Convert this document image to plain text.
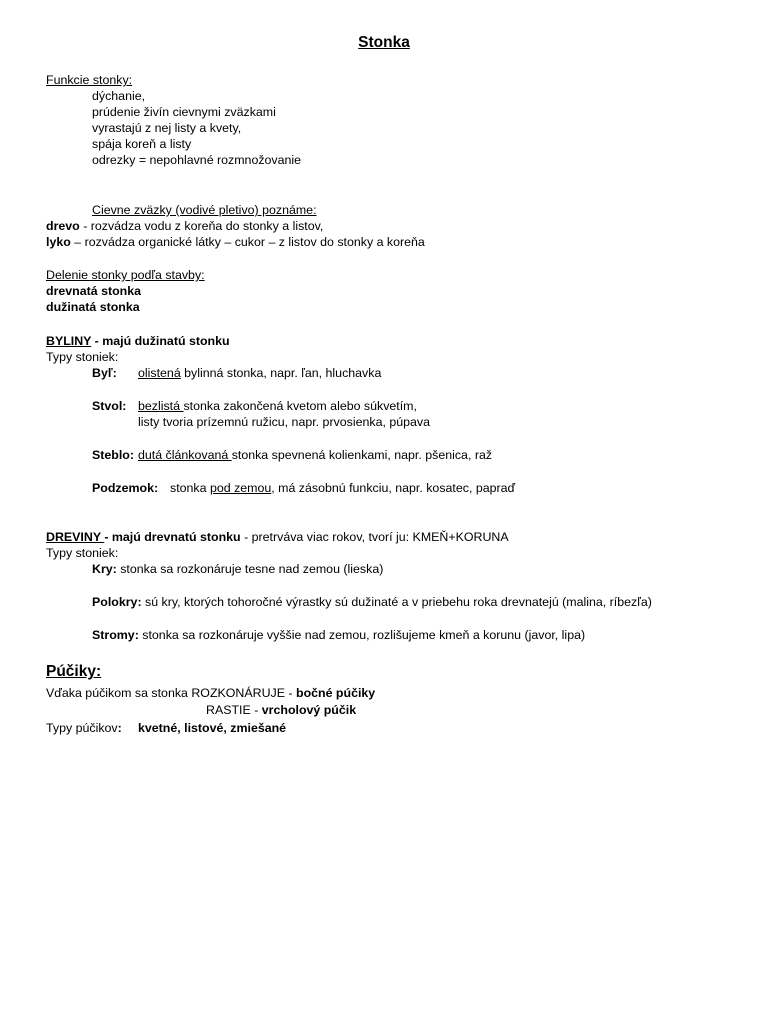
Stonka
Funkcie stonky:
dýchanie,
prúdenie živín cievnymi zväzkami
vyrastajú z nej listy a kvety,
spája koreň a listy
odrezky = nepohlavné rozmnožovanie
Cievne zväzky (vodivé pletivo) poznáme:
drevo - rozvádza vodu z koreňa do stonky a listov,
lyko – rozvádza organické látky – cukor – z listov do stonky a koreňa
Delenie stonky podľa stavby:
drevnatá stonka
dužinatá stonka
BYLINY - majú dužinatú stonku
Typy stoniek:
Byľ: olistená bylinná stonka, napr. ľan, hluchavka
Stvol: bezlistá stonka zakončená kvetom alebo súkvetím,
listy tvoria prízemnú ružicu, napr. prvosienka, púpava
Steblo: dutá článkovaná stonka spevnená kolienkami, napr. pšenica, raž
Podzemok: stonka pod zemou, má zásobnú funkciu, napr. kosatec, papraď
DREVINY - majú drevnatú stonku - pretrváva viac rokov, tvorí ju: KMEŇ+KORUNA
Typy stoniek:
Kry: stonka sa rozkonáruje tesne nad zemou (lieska)
Polokry: sú kry, ktorých tohoročné výrastky sú dužinaté a v priebehu roka drevnatejú (malina, ríbezľa)
Stromy: stonka sa rozkonáruje vyššie nad zemou, rozlišujeme kmeň a korunu (javor, lipa)
Púčiky:
Vďaka púčikom sa stonka ROZKONÁRUJE - bočné púčiky
RASTIE - vrcholový púčik
Typy púčikov: kvetné, listové, zmiešané
